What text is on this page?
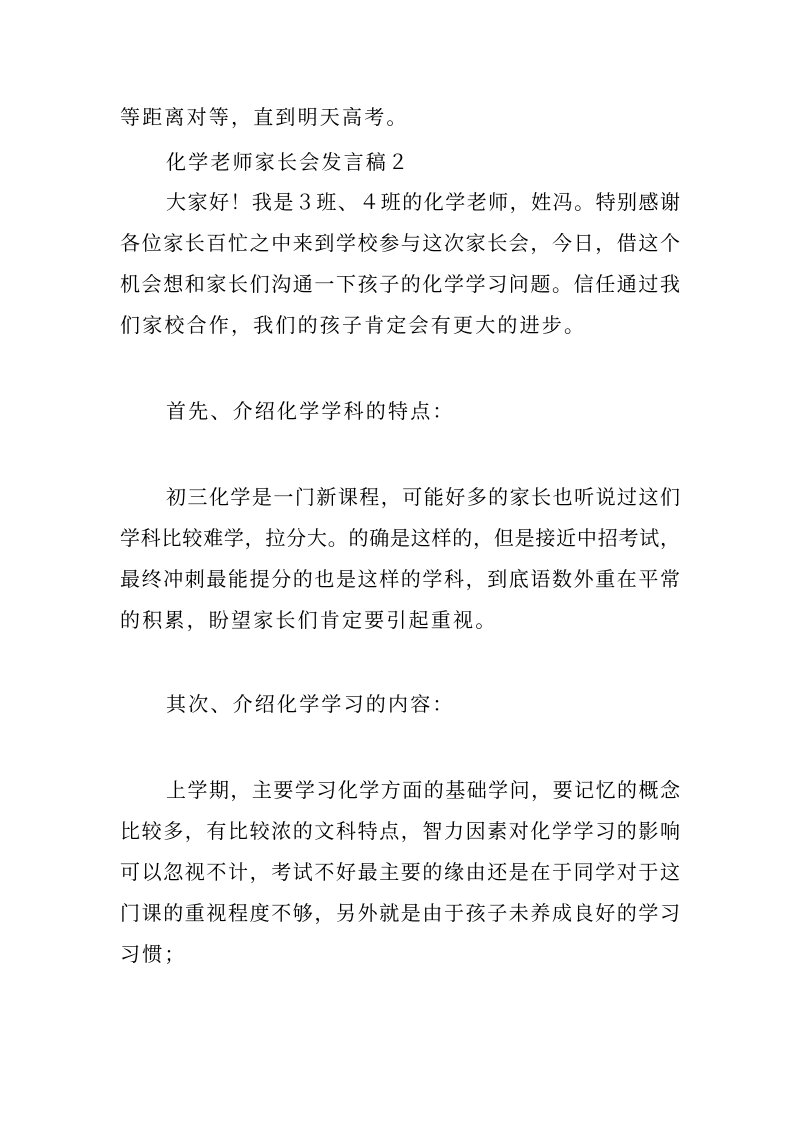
等距离对等，直到明天高考。
化学老师家长会发言稿２
大家好！我是３班、４班的化学老师，姓冯。特别感谢
各位家长百忙之中来到学校参与这次家长会，今日，借这个
机会想和家长们沟通一下孩子的化学学习问题。信任通过我
们家校合作，我们的孩子肯定会有更大的进步。
首先、介绍化学学科的特点：
初三化学是一门新课程，可能好多的家长也听说过这们
学科比较难学，拉分大。的确是这样的，但是接近中招考试，
最终冲刺最能提分的也是这样的学科，到底语数外重在平常
的积累，盼望家长们肯定要引起重视。
其次、介绍化学学习的内容：
上学期，主要学习化学方面的基础学问，要记忆的概念
比较多，有比较浓的文科特点，智力因素对化学学习的影响
可以忽视不计，考试不好最主要的缘由还是在于同学对于这
门课的重视程度不够，另外就是由于孩子未养成良好的学习
习惯；
